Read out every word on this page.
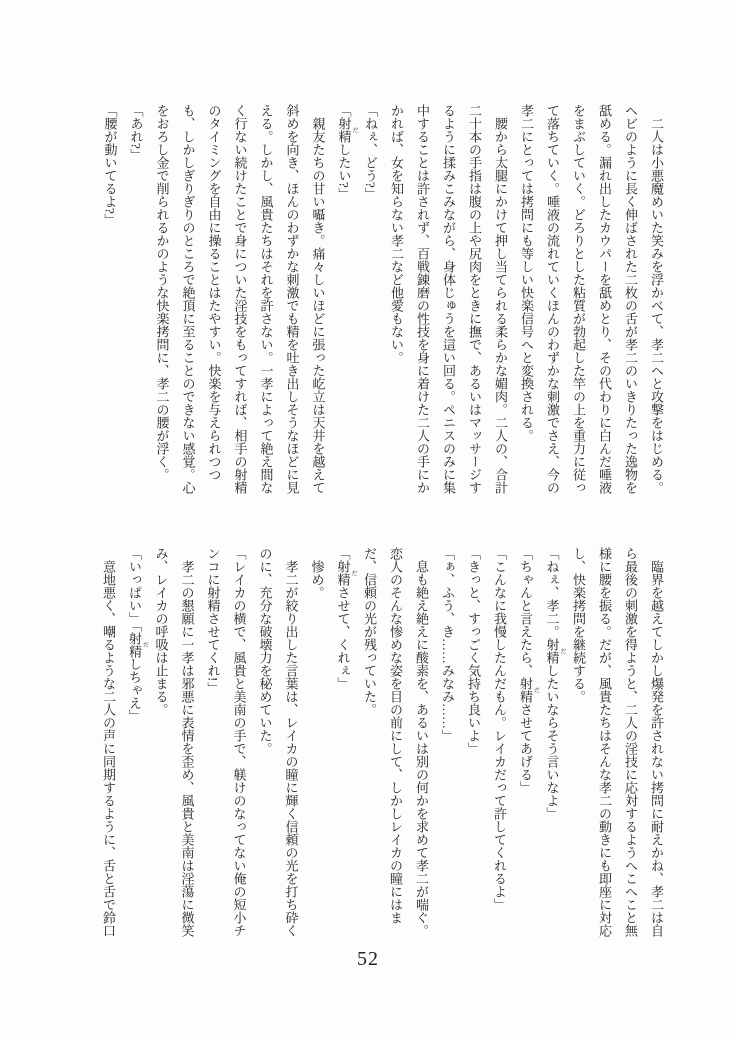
　二人は小悪魔めいた笑みを浮かべて、孝二へと攻撃をはじめる。ヘビのように長く伸ばされた二枚の舌が孝二のいきりたった逸物を舐める。漏れ出したカウパーを舐めとり、その代わりに白んだ唾液をまぶしていく。どろりとした粘質が勃起した竿の上を重力に従って落ちていく。唾液の流れていくほんのわずかな刺激でさえ、今の孝二にとっては拷問にも等しい快楽信号へと変換される。

　腰から太腿にかけて押し当てられる柔らかな媚肉。二人の、合計二十本の手指は腹の上や尻肉をときに撫で、あるいはマッサージするように揉みこみながら、身体じゅうを這い回る。ペニスのみに集中することは許されず、百戦錬磨の性技を身に着けた二人の手にかかれば、女を知らない孝二など他愛もない。

「ねぇ、どう?」

「射精 だしたい?」

　親友たちの甘い囁き。痛々しいほどに張った屹立は天井を越えて斜めを向き、ほんのわずかな刺激でも精を吐き出しそうなほどに見える。しかし、風貴たちはそれを許さない。一孝によって絶え間なく行ない続けたことで身についた淫技をもってすれば、相手の射精のタイミングを自由に操ることはたやすい。快楽を与えられつつも、しかしぎりぎりのところで絶頂に至ることのできない感覚。心をおろし金で削られるかのような快楽拷問に、孝二の腰が浮く。

「あれ?」

「腰が動いてるよ?」

　臨界を越えてしかし爆発を許されない拷問に耐えかね、孝二は自ら最後の刺激を得ようと、二人の淫技に応対するようへこへこと無様に腰を振る。だが、風貴たちはそんな孝二の動きにも即座に対応し、快楽拷問を継続する。

「ねぇ、孝二。射精 だしたいならそう言いなよ」

「ちゃんと言えたら、射精 ださせてあげる」

「こんなに我慢したんだもん。レイカだって許してくれるよ」

「きっと、すっごく気持ち良いよ」

「ぁ、ふう、き……みなみ……」

　息も絶え絶えに酸素を、あるいは別の何かを求めて孝二が喘ぐ。恋人のそんな惨めな姿を目の前にして、しかしレイカの瞳にはまだ、信頼の光が残っていた。

「射精 ださせて、くれぇ」

　惨め。

　孝二が絞り出した言葉は、レイカの瞳に輝く信頼の光を打ち砕くのに、充分な破壊力を秘めていた。

「レイカの横で、風貴と美南の手で、躾けのなってない俺の短小チンコに射精させてくれ!」

　孝二の懇願に一孝は邪悪に表情を歪め、風貴と美南は淫蕩に微笑み、レイカの呼吸は止まる。

「いっぱい」「射精 だしちゃえ」

　意地悪く、嘲るような二人の声に同期するように、舌と舌で鈴口

52
